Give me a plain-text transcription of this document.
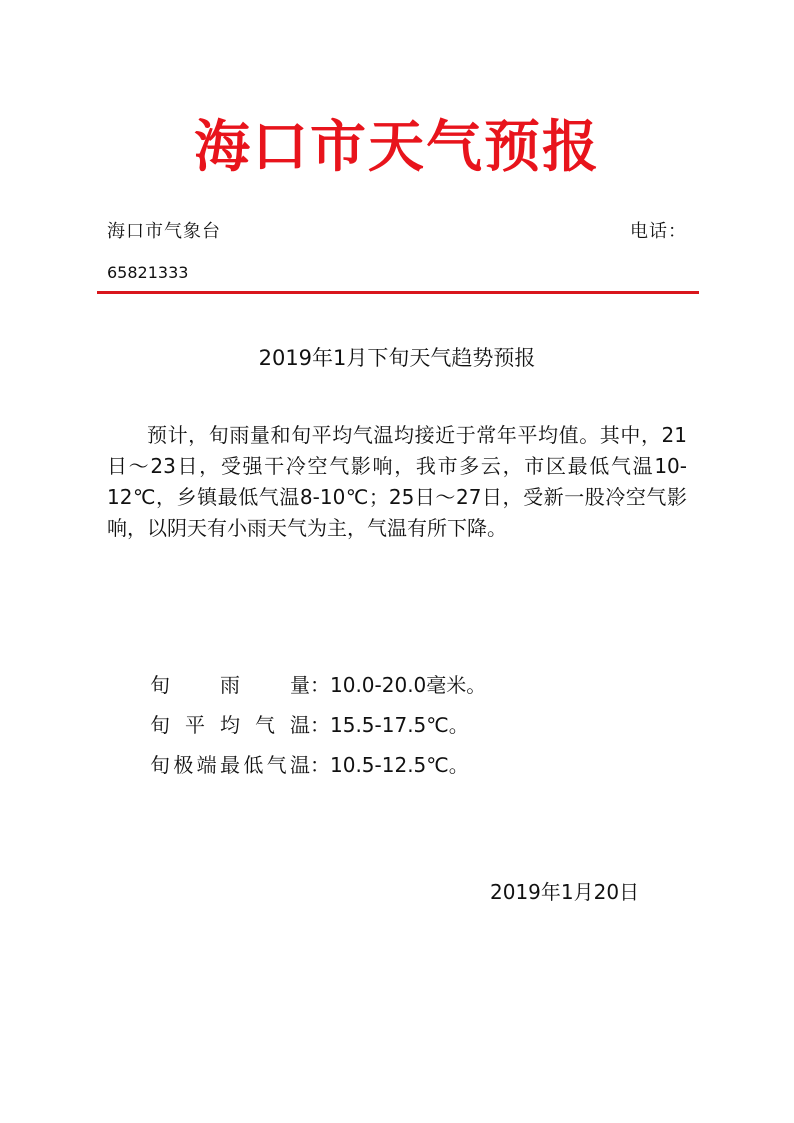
海口市天气预报
海口市气象台	电话：
65821333
2019年1月下旬天气趋势预报

预计，旬雨量和旬平均气温均接近于常年平均值。其中，21日～23日，受强干冷空气影响，我市多云，市区最低气温10-12℃，乡镇最低气温8-10℃；25日～27日，受新一股冷空气影响，以阴天有小雨天气为主，气温有所下降。

旬	雨	量 ： 10.0-20.0毫米。
旬 平 均 气 温 ： 15.5-17.5℃。
旬 极 端 最 低 气 温 ： 10.5-12.5℃。
2019年1月20日
